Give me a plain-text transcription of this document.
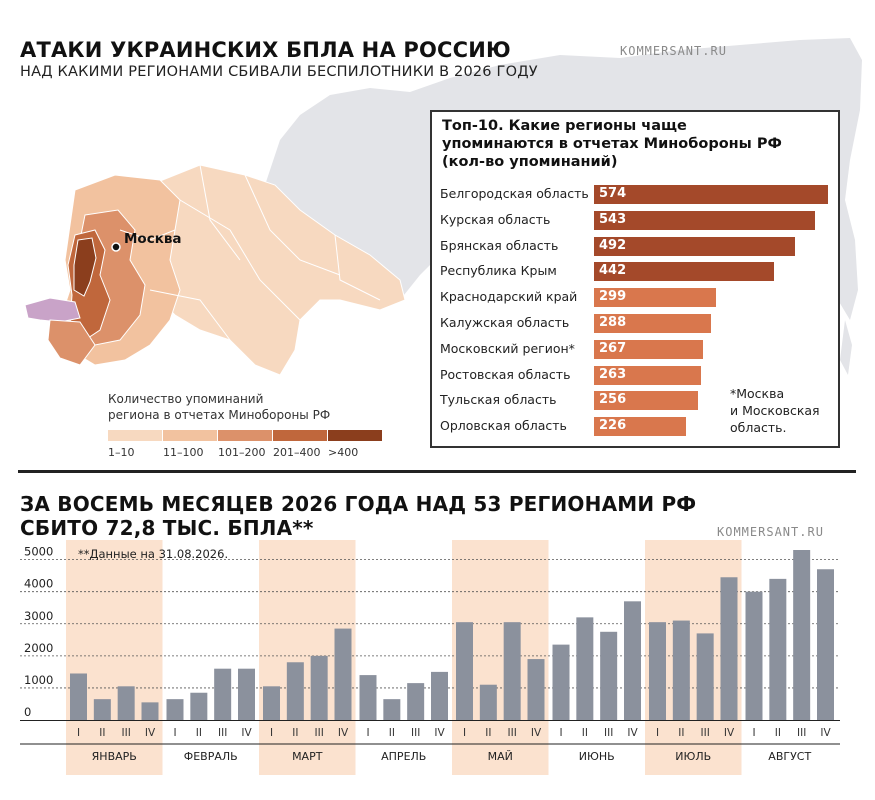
АТАКИ УКРАИНСКИХ БПЛА НА РОССИЮ
НАД КАКИМИ РЕГИОНАМИ СБИВАЛИ БЕСПИЛОТНИКИ В 2026 ГОДУ
KOMMERSANT.RU
Москва
Количество упоминаний
региона в отчетах Минобороны РФ
1–10	11–100 101–200 201–400 >400
Топ-10. Какие регионы чаще
упоминаются в отчетах Минобороны РФ
(кол-во упоминаний)
Белгородская область 574
Курская область	543
Брянская область	492
Республика Крым	442
Краснодарский край 299
Калужская область 288
Московский регион* 267
Ростовская область 263
Тульская область	256
Орловская область 226
*Москва
и Московская
область.
ЗА ВОСЕМЬ МЕСЯЦЕВ 2026 ГОДА НАД 53 РЕГИОНАМИ РФ
СБИТО 72,8 ТЫС. БПЛА**	KOMMERSANT.RU
0
1000
2000
3000
4000
5000 **Данные на 31.08.2026.
I II III IV
ЯНВАРЬ
I II III IV
ФЕВРАЛЬ
I II III IV
МАРТ
I II III IV
АПРЕЛЬ
I II III IV
МАЙ
I II III IV
ИЮНЬ
I II III IV
ИЮЛЬ
I II III IV
АВГУСТ
